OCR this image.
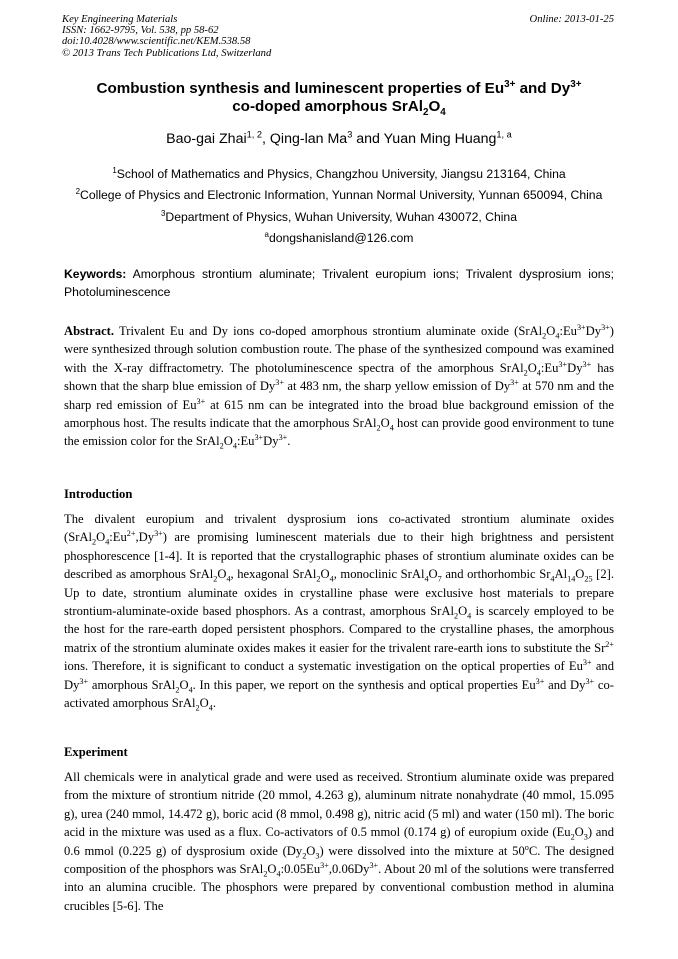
Key Engineering Materials
ISSN: 1662-9795, Vol. 538, pp 58-62
doi:10.4028/www.scientific.net/KEM.538.58
© 2013 Trans Tech Publications Ltd, Switzerland
Online: 2013-01-25
Combustion synthesis and luminescent properties of $Eu^{3+}$ and $Dy^{3+}$
co-doped amorphous $SrAl_2O_4$
Bao-gai Zhai$^{1, 2}$, Qing-lan Ma$^3$ and Yuan Ming Huang$^{1, a}$
$^1$School of Mathematics and Physics, Changzhou University, Jiangsu 213164, China
$^2$College of Physics and Electronic Information, Yunnan Normal University, Yunnan 650094, China
$^3$Department of Physics, Wuhan University, Wuhan 430072, China
$^a$dongshanisland@126.com
Keywords: Amorphous strontium aluminate; Trivalent europium ions; Trivalent dysprosium ions; Photoluminescence
Abstract. Trivalent Eu and Dy ions co-doped amorphous strontium aluminate oxide $(SrAl_2O_4:Eu^{3+}Dy^{3+})$ were synthesized through solution combustion route. The phase of the synthesized compound was examined with the X-ray diffractometry. The photoluminescence spectra of the amorphous $SrAl_2O_4:Eu^{3+}Dy^{3+}$ has shown that the sharp blue emission of $Dy^{3+}$ at 483 nm, the sharp yellow emission of $Dy^{3+}$ at 570 nm and the sharp red emission of $Eu^{3+}$ at 615 nm can be integrated into the broad blue background emission of the amorphous host. The results indicate that the amorphous $SrAl_2O_4$ host can provide good environment to tune the emission color for the $SrAl_2O_4:Eu^{3+}Dy^{3+}$.
Introduction
The divalent europium and trivalent dysprosium ions co-activated strontium aluminate oxides $(SrAl_2O_4:Eu^{2+},Dy^{3+})$ are promising luminescent materials due to their high brightness and persistent phosphorescence [1-4]. It is reported that the crystallographic phases of strontium aluminate oxides can be described as amorphous $SrAl_2O_4$, hexagonal $SrAl_2O_4$, monoclinic $SrAl_4O_7$ and orthorhombic $Sr_4Al_{14}O_{25}$ [2]. Up to date, strontium aluminate oxides in crystalline phase were exclusive host materials to prepare strontium-aluminate-oxide based phosphors. As a contrast, amorphous $SrAl_2O_4$ is scarcely employed to be the host for the rare-earth doped persistent phosphors. Compared to the crystalline phases, the amorphous matrix of the strontium aluminate oxides makes it easier for the trivalent rare-earth ions to substitute the $Sr^{2+}$ ions. Therefore, it is significant to conduct a systematic investigation on the optical properties of $Eu^{3+}$ and $Dy^{3+}$ amorphous $SrAl_2O_4$. In this paper, we report on the synthesis and optical properties $Eu^{3+}$ and $Dy^{3+}$ co-activated amorphous $SrAl_2O_4$.
Experiment
All chemicals were in analytical grade and were used as received. Strontium aluminate oxide was prepared from the mixture of strontium nitride (20 mmol, 4.263 g), aluminum nitrate nonahydrate (40 mmol, 15.095 g), urea (240 mmol, 14.472 g), boric acid (8 mmol, 0.498 g), nitric acid (5 ml) and water (150 ml). The boric acid in the mixture was used as a flux. Co-activators of 0.5 mmol (0.174 g) of europium oxide $(Eu_2O_3)$ and 0.6 mmol (0.225 g) of dysprosium oxide $(Dy_2O_3)$ were dissolved into the mixture at 50$^o$C. The designed composition of the phosphors was $SrAl_2O_4:0.05Eu^{3+},0.06Dy^{3+}$. About 20 ml of the solutions were transferred into an alumina crucible. The phosphors were prepared by conventional combustion method in alumina crucibles [5-6]. The
